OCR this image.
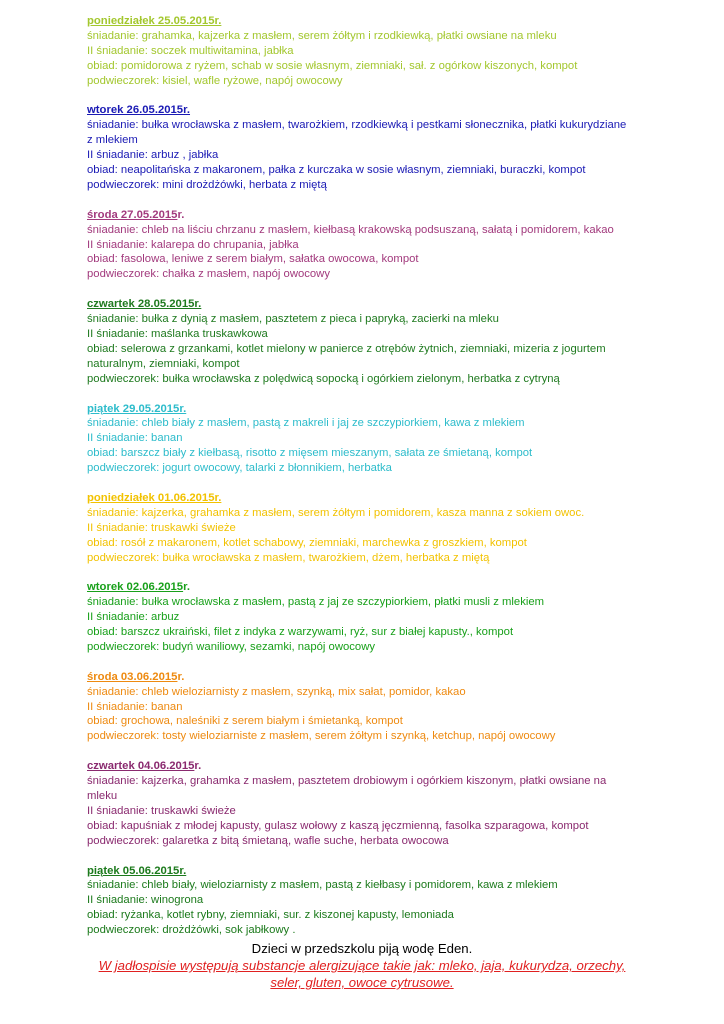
poniedziałek 25.05.2015r.
śniadanie: grahamka, kajzerka z masłem, serem żółtym i rzodkiewką, płatki owsiane na mleku
II śniadanie: soczek multiwitamina, jabłka
obiad: pomidorowa z ryżem, schab w sosie własnym, ziemniaki, sał. z ogórkow kiszonych, kompot
podwieczorek: kisiel, wafle ryżowe, napój owocowy
wtorek 26.05.2015r.
śniadanie: bułka wrocławska z masłem, twarożkiem, rzodkiewką i pestkami słonecznika, płatki kukurydziane z mlekiem
II śniadanie: arbuz , jabłka
obiad: neapolitańska z makaronem, pałka z kurczaka w sosie własnym, ziemniaki, buraczki, kompot
podwieczorek: mini drożdżówki, herbata z miętą
środa 27.05.2015r.
śniadanie: chleb na liściu chrzanu z masłem, kiełbasą krakowską podsuszaną, sałatą i pomidorem, kakao
II śniadanie: kalarepa do chrupania, jabłka
obiad: fasolowa, leniwe z serem białym, sałatka owocowa, kompot
podwieczorek: chałka z masłem, napój owocowy
czwartek 28.05.2015r.
śniadanie: bułka z dynią z masłem, pasztetem z pieca i papryką, zacierki na mleku
II śniadanie: maślanka truskawkowa
obiad: selerowa z grzankami, kotlet mielony w panierce z otrębów żytnich, ziemniaki, mizeria z jogurtem naturalnym, ziemniaki, kompot
podwieczorek: bułka wrocławska z polędwicą sopocką i ogórkiem zielonym, herbatka z cytryną
piątek 29.05.2015r.
śniadanie: chleb biały z masłem, pastą z makreli i jaj ze szczypiorkiem, kawa z mlekiem
II śniadanie: banan
obiad: barszcz biały z kiełbasą, risotto z mięsem mieszanym, sałata ze śmietaną, kompot
podwieczorek: jogurt owocowy, talarki z błonnikiem, herbatka
poniedziałek 01.06.2015r.
śniadanie: kajzerka, grahamka z masłem, serem żółtym i pomidorem, kasza manna z sokiem owoc.
II śniadanie: truskawki świeże
obiad: rosół z makaronem, kotlet schabowy, ziemniaki, marchewka z groszkiem, kompot
podwieczorek: bułka wrocławska z masłem, twarożkiem, dżem, herbatka z miętą
wtorek 02.06.2015r.
śniadanie: bułka wrocławska z masłem, pastą z jaj ze szczypiorkiem, płatki musli z mlekiem
II śniadanie: arbuz
obiad: barszcz ukraiński, filet z indyka z warzywami, ryż, sur z białej kapusty., kompot
podwieczorek: budyń waniliowy, sezamki, napój owocowy
środa 03.06.2015r.
śniadanie: chleb wieloziarnisty z masłem, szynką, mix sałat, pomidor, kakao
II śniadanie: banan
obiad: grochowa, naleśniki z serem białym i śmietanką, kompot
podwieczorek: tosty wieloziarniste z masłem, serem żółtym i szynką, ketchup, napój owocowy
czwartek 04.06.2015r.
śniadanie: kajzerka, grahamka z masłem, pasztetem drobiowym i ogórkiem kiszonym, płatki owsiane na mleku
II śniadanie: truskawki świeże
obiad: kapuśniak z młodej kapusty, gulasz wołowy z kaszą jęczmienną, fasolka szparagowa, kompot
podwieczorek: galaretka z bitą śmietaną, wafle suche, herbata owocowa
piątek 05.06.2015r.
śniadanie: chleb biały, wieloziarnisty z masłem, pastą z kiełbasy i pomidorem, kawa z mlekiem
II śniadanie: winogrona
obiad: ryżanka, kotlet rybny, ziemniaki, sur. z kiszonej kapusty, lemoniada
podwieczorek: drożdżówki, sok jabłkowy .
Dzieci w przedszkolu piją wodę Eden.
W jadłospisie występują substancje alergizujące takie jak: mleko, jaja, kukurydza, orzechy,
seler, gluten, owoce cytrusowe.
